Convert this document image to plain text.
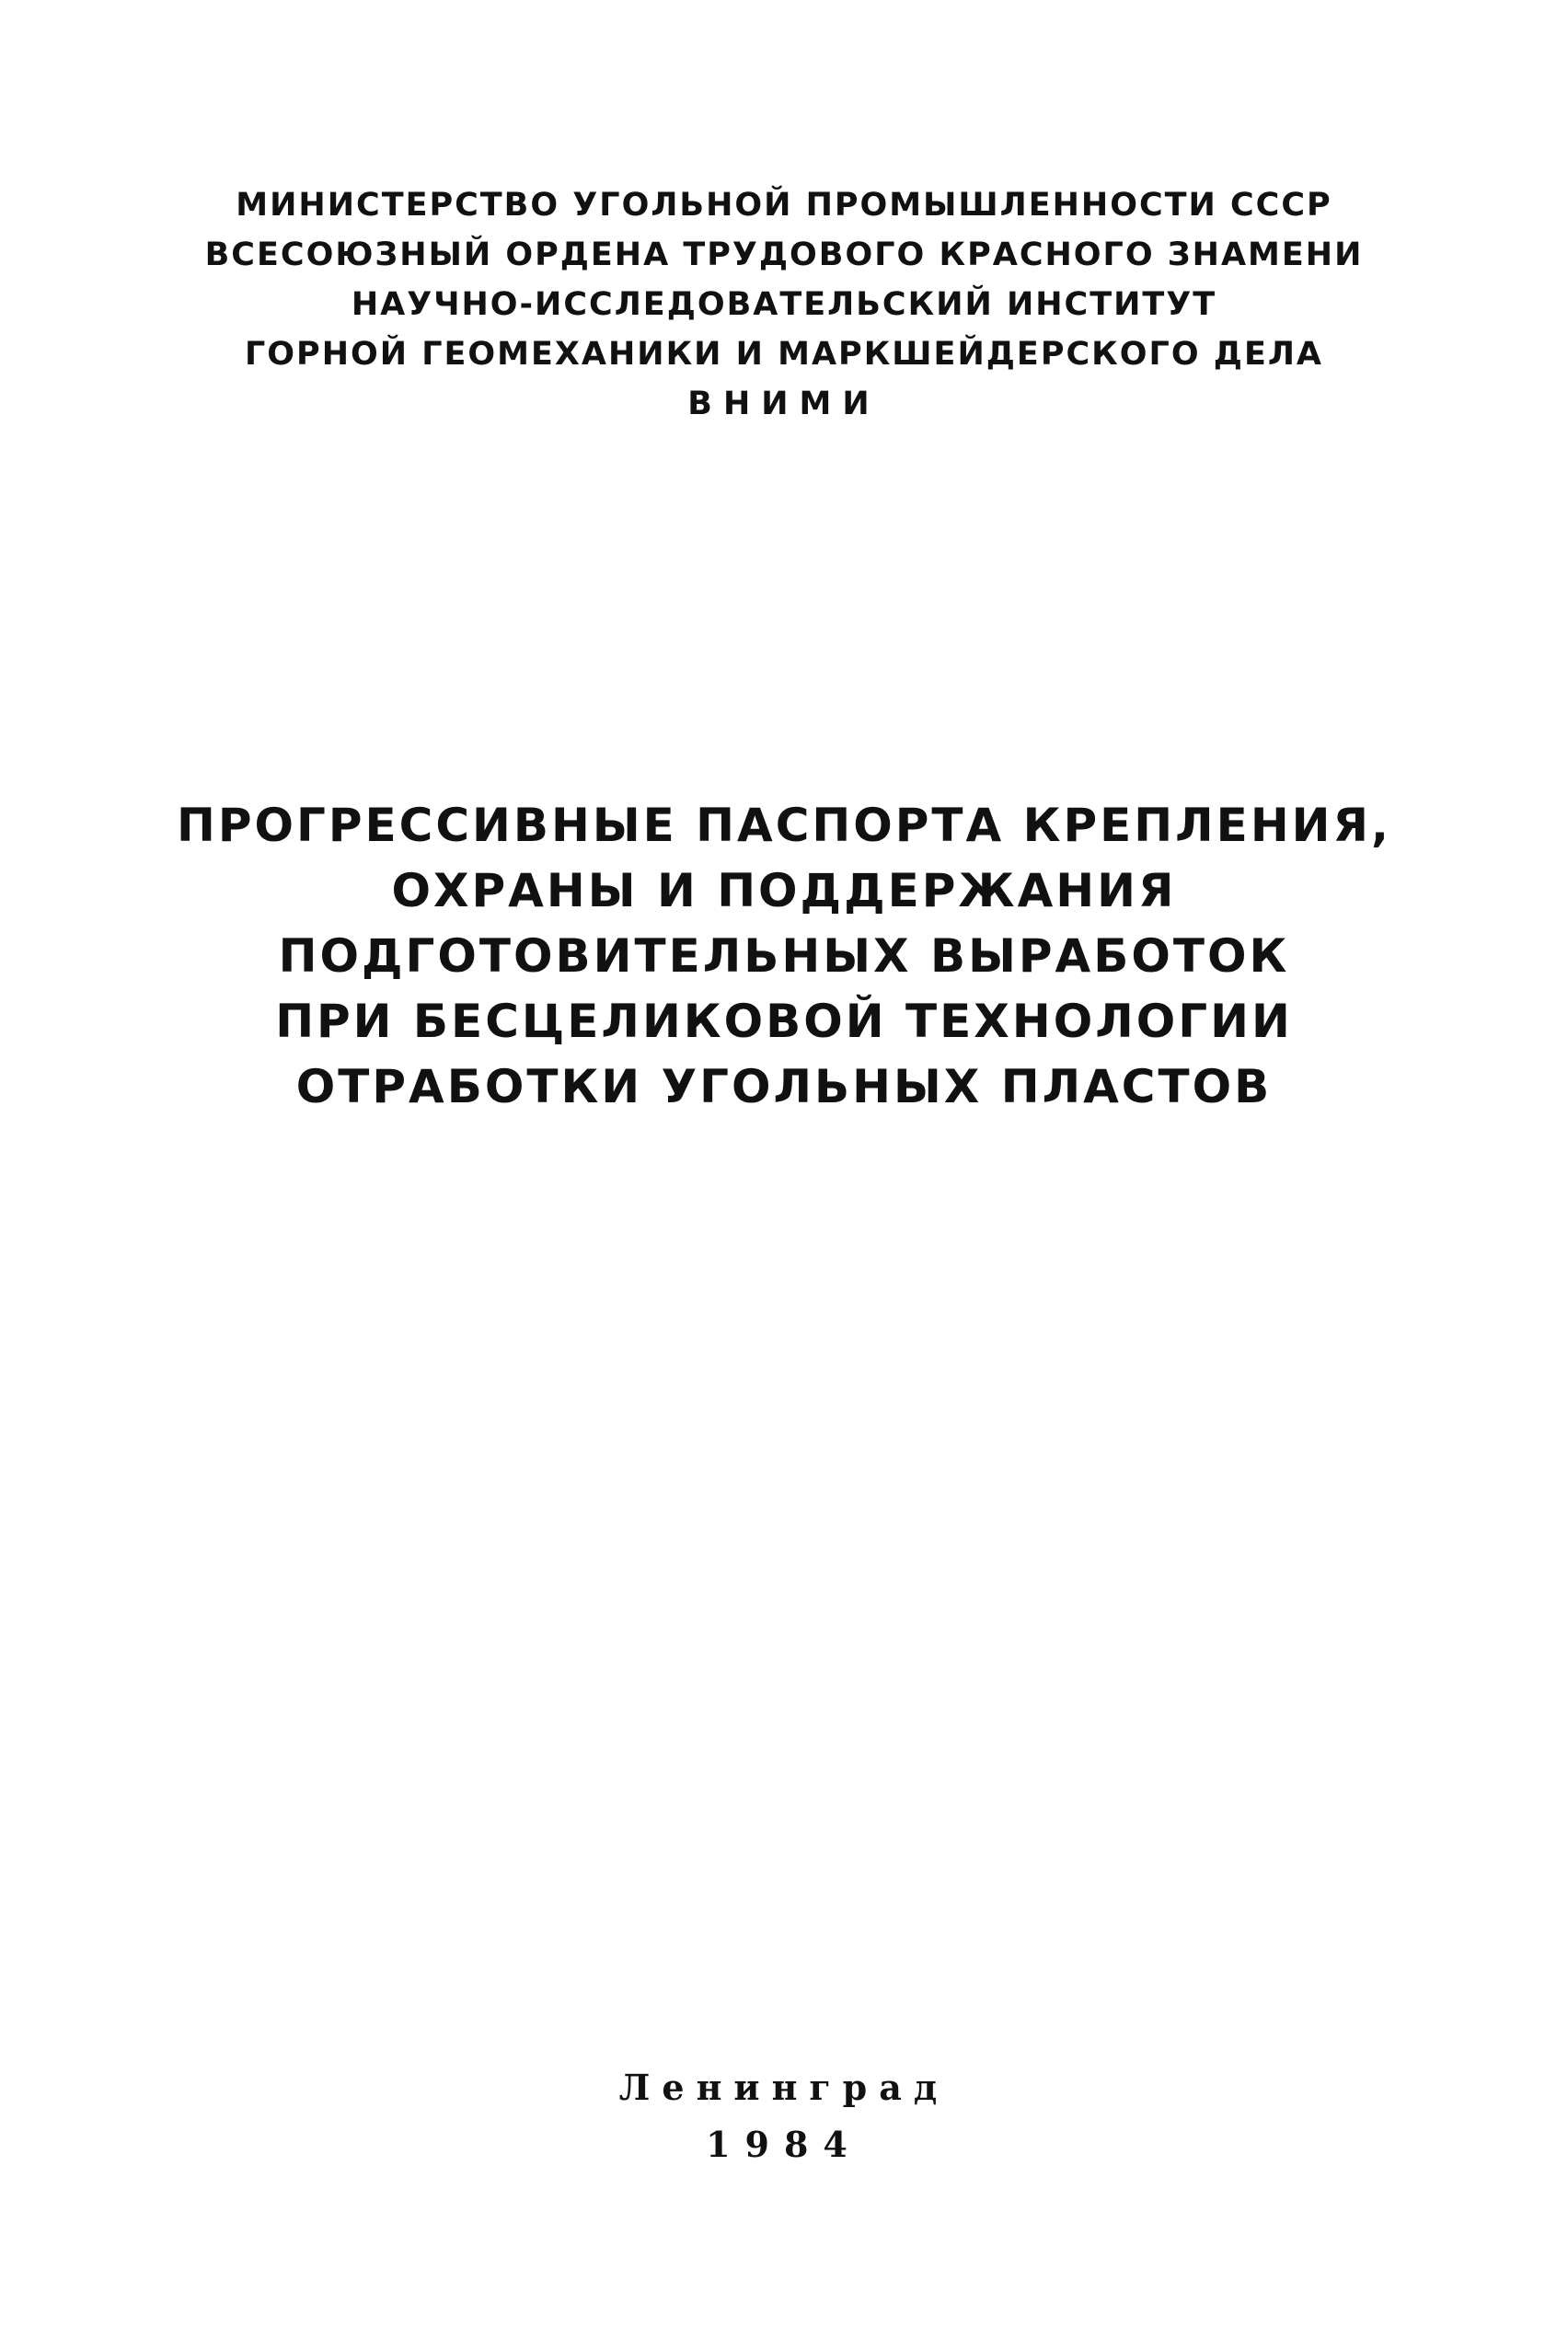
МИНИСТЕРСТВО УГОЛЬНОЙ ПРОМЫШЛЕННОСТИ СССР
ВСЕСОЮЗНЫЙ ОРДЕНА ТРУДОВОГО КРАСНОГО ЗНАМЕНИ
НАУЧНО-ИССЛЕДОВАТЕЛЬСКИЙ ИНСТИТУТ
ГОРНОЙ ГЕОМЕХАНИКИ И МАРКШЕЙДЕРСКОГО ДЕЛА
ВНИМИ
ПРОГРЕССИВНЫЕ ПАСПОРТА КРЕПЛЕНИЯ,
ОХРАНЫ И ПОДДЕРЖАНИЯ
ПОДГОТОВИТЕЛЬНЫХ ВЫРАБОТОК
ПРИ БЕСЦЕЛИКОВОЙ ТЕХНОЛОГИИ
ОТРАБОТКИ УГОЛЬНЫХ ПЛАСТОВ
Ленинград
1984
